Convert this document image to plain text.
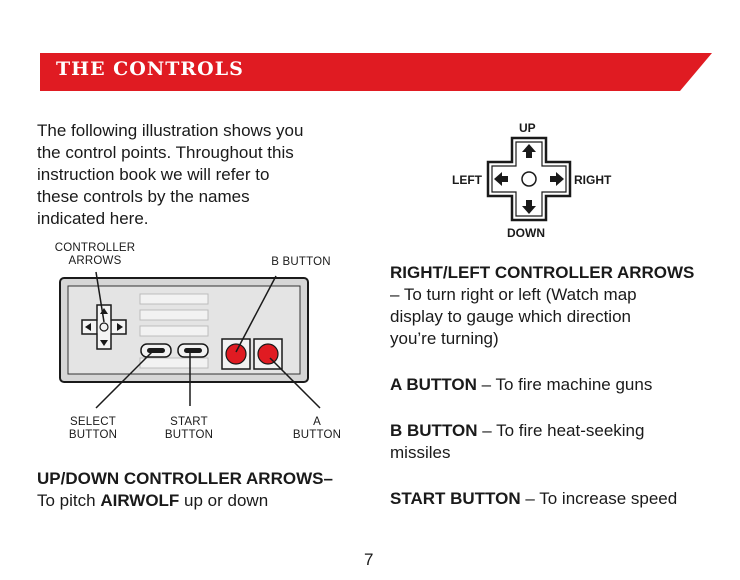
THE CONTROLS

The following illustration shows you
the control points. Throughout this
instruction book we will refer to
these controls by the names
indicated here.

CONTROLLER
ARROWS	B BUTTON
SELECT
BUTTON
START
BUTTON
A
BUTTON

UP/DOWN CONTROLLER ARROWS–
To pitch AIRWOLF up or down

UP
DOWN
LEFT	RIGHT

RIGHT/LEFT CONTROLLER ARROWS
– To turn right or left (Watch map
display to gauge which direction
you’re turning)

A BUTTON – To fire machine guns

B BUTTON – To fire heat-seeking
missiles

START BUTTON – To increase speed

7
